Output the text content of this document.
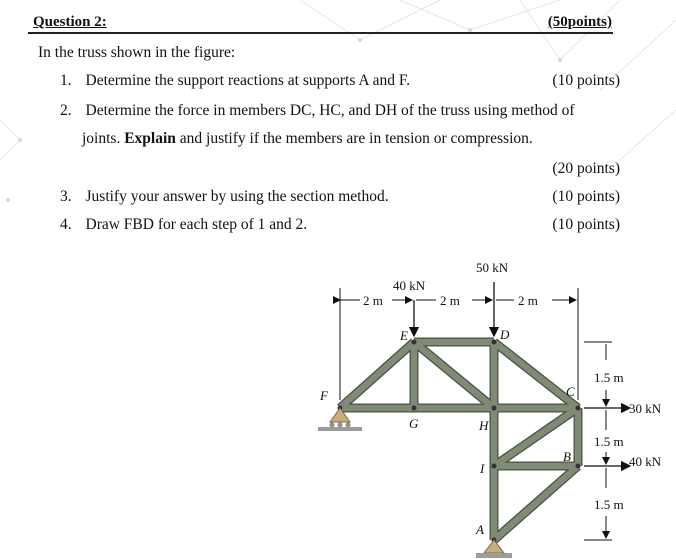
Question 2:	(50points)
In the truss shown in the figure:
1. Determine the support reactions at supports A and F.	(10 points)
2. Determine the force in members DC, HC, and DH of the truss using method of
joints. Explain and justify if the members are in tension or compression.
(20 points)
3. Justify your answer by using the section method.	(10 points)
4. Draw FBD for each step of 1 and 2.	(10 points)
2 m	2 m	2 m
1.5 m
1.5 m
1.5 m
40 kN
50 kN
30 kN
40 kN
F
E
G
D
H
C
B
I
A
